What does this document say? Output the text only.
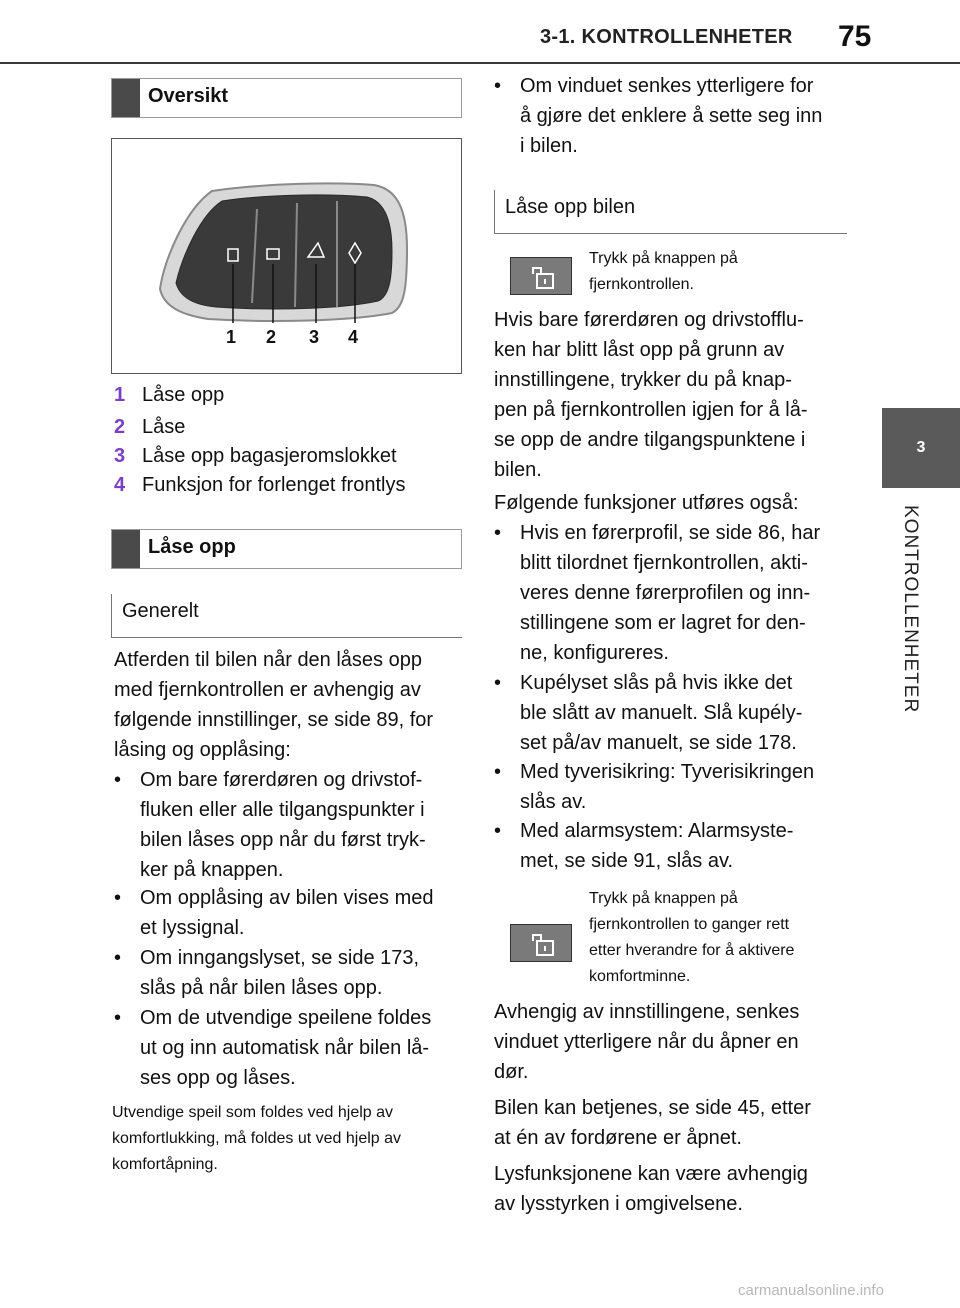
3-1. KONTROLLENHETER 75
3
KONTROLLENHETER
Oversikt
1 2 3 4
1 Låse opp
2 Låse
3 Låse opp bagasjeromslokket
4 Funksjon for forlenget frontlys
Låse opp
Generelt
Atferden til bilen når den låses opp
med fjernkontrollen er avhengig av
følgende innstillinger, se side 89, for
låsing og opplåsing:
• Om bare førerdøren og drivstof-
fluken eller alle tilgangspunkter i
bilen låses opp når du først tryk-
ker på knappen.
• Om opplåsing av bilen vises med
et lyssignal.
• Om inngangslyset, se side 173,
slås på når bilen låses opp.
• Om de utvendige speilene foldes
ut og inn automatisk når bilen lå-
ses opp og låses.
Utvendige speil som foldes ved hjelp av
komfortlukking, må foldes ut ved hjelp av
komfortåpning.
• Om vinduet senkes ytterligere for
å gjøre det enklere å sette seg inn
i bilen.
Låse opp bilen
Trykk på knappen på
fjernkontrollen.
Hvis bare førerdøren og drivstofflu-
ken har blitt låst opp på grunn av
innstillingene, trykker du på knap-
pen på fjernkontrollen igjen for å lå-
se opp de andre tilgangspunktene i
bilen.
Følgende funksjoner utføres også:
• Hvis en førerprofil, se side 86, har
blitt tilordnet fjernkontrollen, akti-
veres denne førerprofilen og inn-
stillingene som er lagret for den-
ne, konfigureres.
• Kupélyset slås på hvis ikke det
ble slått av manuelt. Slå kupély-
set på/av manuelt, se side 178.
• Med tyverisikring: Tyverisikringen
slås av.
• Med alarmsystem: Alarmsyste-
met, se side 91, slås av.
Trykk på knappen på
fjernkontrollen to ganger rett
etter hverandre for å aktivere
komfortminne.
Avhengig av innstillingene, senkes
vinduet ytterligere når du åpner en
dør.
Bilen kan betjenes, se side 45, etter
at én av fordørene er åpnet.
Lysfunksjonene kan være avhengig
av lysstyrken i omgivelsene.
carmanualsonline.info
